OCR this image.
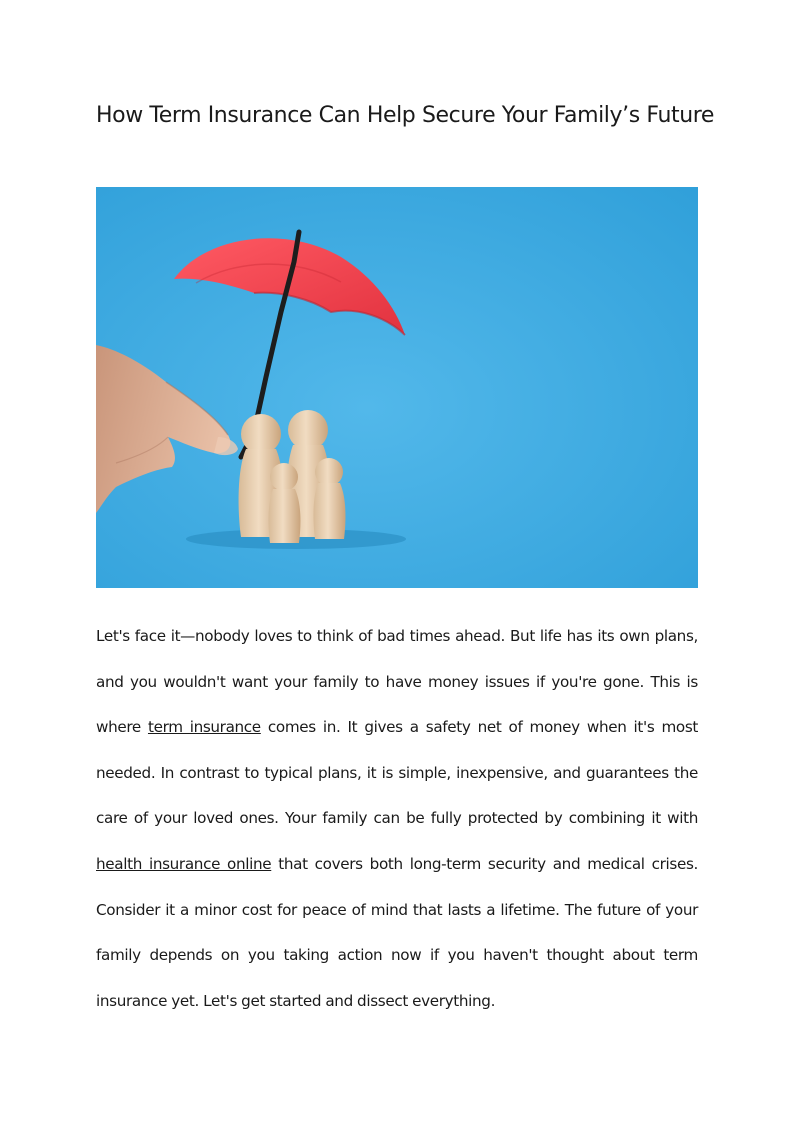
How Term Insurance Can Help Secure Your Family’s Future

Let's face it—nobody loves to think of bad times ahead. But life has its own plans, and you wouldn't want your family to have money issues if you're gone. This is where term insurance comes in. It gives a safety net of money when it's most needed. In contrast to typical plans, it is simple, inexpensive, and guarantees the care of your loved ones. Your family can be fully protected by combining it with health insurance online that covers both long-term security and medical crises. Consider it a minor cost for peace of mind that lasts a lifetime. The future of your family depends on you taking action now if you haven't thought about term insurance yet. Let's get started and dissect everything.
